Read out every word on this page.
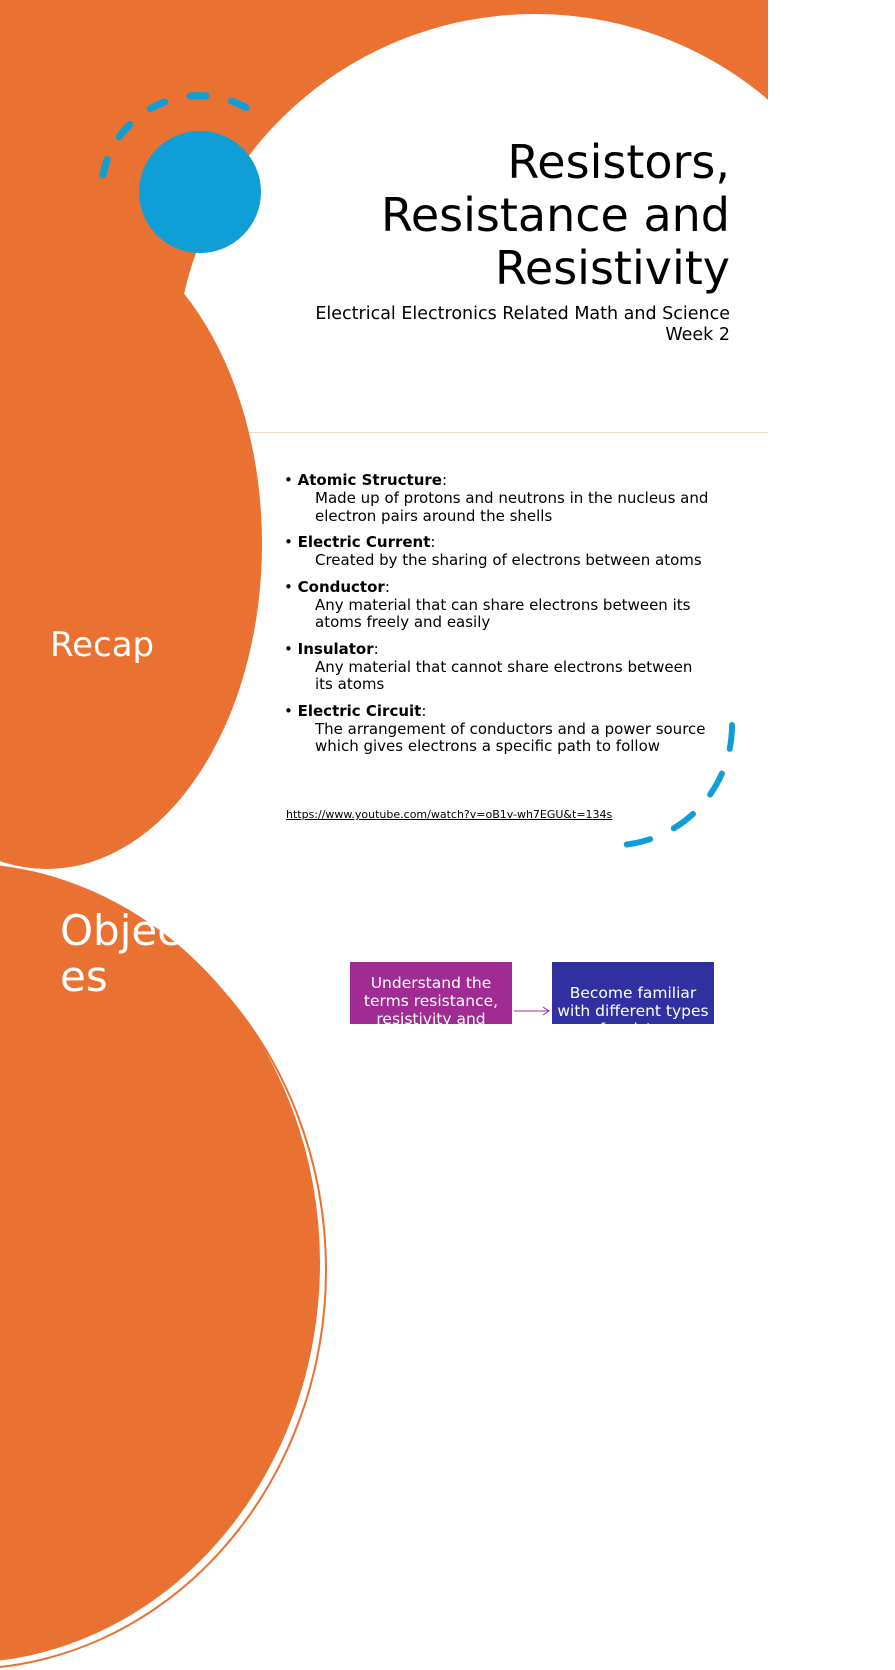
Resistors,
Resistance and
Resistivity
Electrical Electronics Related Math and Science
Week 2
Recap
• Atomic Structure:
Made up of protons and neutrons in the nucleus and electron pairs around the shells
• Electric Current:
Created by the sharing of electrons between atoms
• Conductor:
Any material that can share electrons between its atoms freely and easily
• Insulator:
Any material that cannot share electrons between its atoms
• Electric Circuit:
The arrangement of conductors and a power source which gives electrons a specific path to follow
https://www.youtube.com/watch?v=oB1v-wh7EGU&t=134s
Objectives	Understand the terms resistance, resistivity and
Become familiar with different types of resistors
